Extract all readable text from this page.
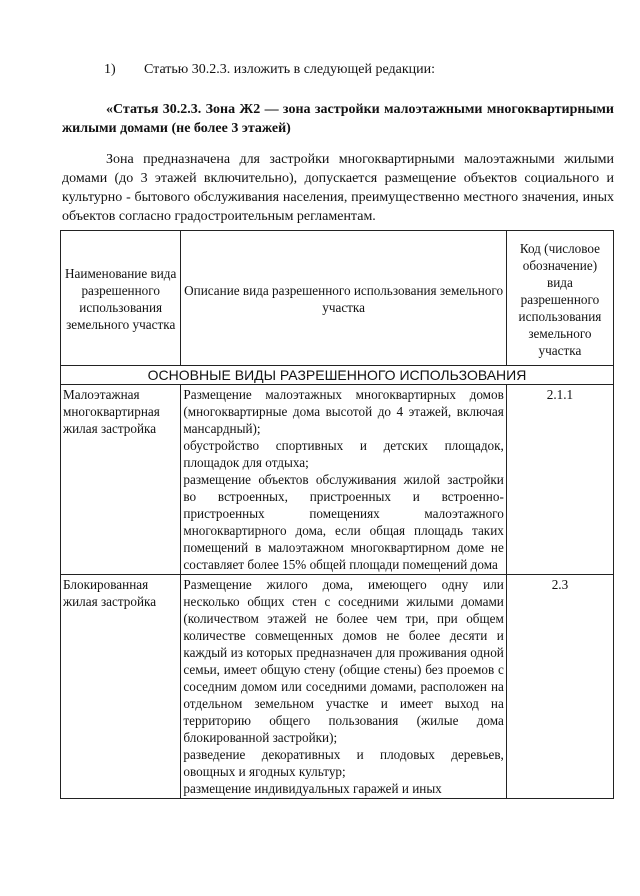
1) Статью 30.2.3. изложить в следующей редакции:
«Статья 30.2.3. Зона Ж2 — зона застройки малоэтажными многоквартирными жилыми домами (не более 3 этажей)
Зона предназначена для застройки многоквартирными малоэтажными жилыми домами (до 3 этажей включительно), допускается размещение объектов социального и культурно - бытового обслуживания населения, преимущественно местного значения, иных объектов согласно градостроительным регламентам.
Наименование вида разрешенного использования земельного участка	Описание вида разрешенного использования земельного участка	Код (числовое обозначение) вида разрешенного использования земельного участка
ОСНОВНЫЕ ВИДЫ РАЗРЕШЕННОГО ИСПОЛЬЗОВАНИЯ		
Малоэтажная многоквартирная жилая застройка	Размещение малоэтажных многоквартирных домов (многоквартирные дома высотой до 4 этажей, включая мансардный);

обустройство спортивных и детских площадок, площадок для отдыха;

размещение объектов обслуживания жилой застройки во встроенных, пристроенных и встроенно-пристроенных помещениях малоэтажного многоквартирного дома, если общая площадь таких помещений в малоэтажном многоквартирном доме не составляет более 15% общей площади помещений дома	2.1.1
Блокированная жилая застройка	Размещение жилого дома, имеющего одну или несколько общих стен с соседними жилыми домами (количеством этажей не более чем три, при общем количестве совмещенных домов не более десяти и каждый из которых предназначен для проживания одной семьи, имеет общую стену (общие стены) без проемов с соседним домом или соседними домами, расположен на отдельном земельном участке и имеет выход на территорию общего пользования (жилые дома блокированной застройки);

разведение декоративных и плодовых деревьев, овощных и ягодных культур;

размещение индивидуальных гаражей и иных	2.3
